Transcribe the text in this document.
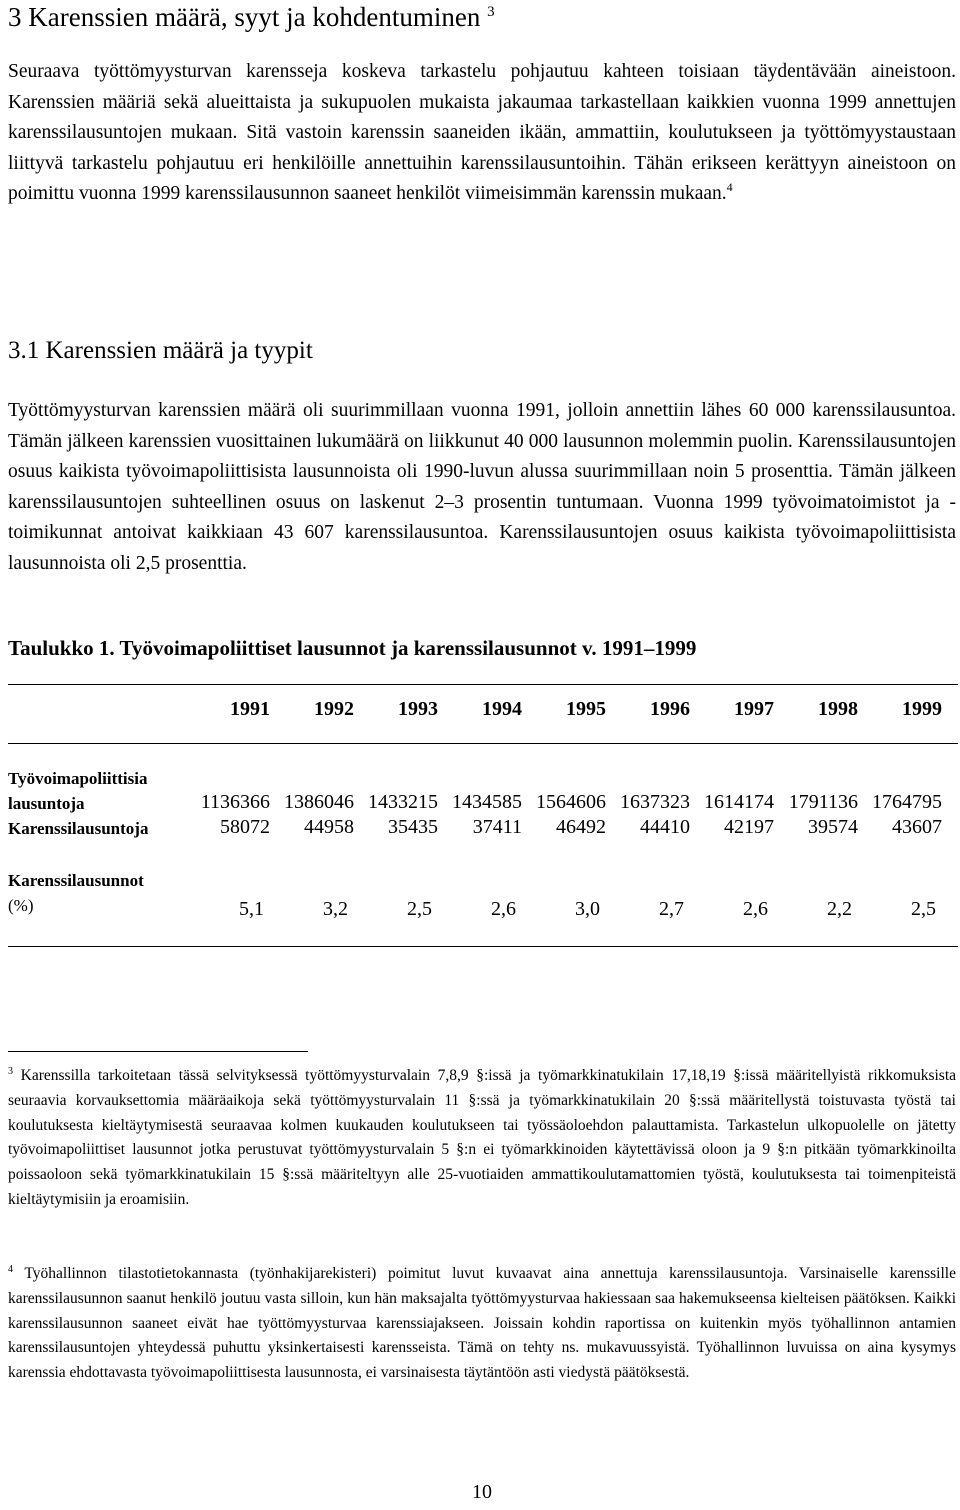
3 Karenssien määrä, syyt ja kohdentuminen $^3$

Seuraava työttömyysturvan karensseja koskeva tarkastelu pohjautuu kahteen toisiaan täydentävään aineistoon. Karenssien määriä sekä alueittaista ja sukupuolen mukaista jakaumaa tarkastellaan kaikkien vuonna 1999 annettujen karenssilausuntojen mukaan. Sitä vastoin karenssin saaneiden ikään, ammattiin, koulutukseen ja työttömyystaustaan liittyvä tarkastelu pohjautuu eri henkilöille annettuihin karenssilausuntoihin. Tähän erikseen kerättyyn aineistoon on poimittu vuonna 1999 karenssilausunnon saaneet henkilöt viimeisimmän karenssin mukaan.$^4$

3.1 Karenssien määrä ja tyypit

Työttömyysturvan karenssien määrä oli suurimmillaan vuonna 1991, jolloin annettiin lähes 60 000 karenssilausuntoa. Tämän jälkeen karenssien vuosittainen lukumäärä on liikkunut 40 000 lausunnon molemmin puolin. Karenssilausuntojen osuus kaikista työvoimapoliittisista lausunnoista oli 1990-luvun alussa suurimmillaan noin 5 prosenttia. Tämän jälkeen karenssilausuntojen suhteellinen osuus on laskenut 2–3 prosentin tuntumaan. Vuonna 1999 työvoimatoimistot ja -toimikunnat antoivat kaikkiaan 43 607 karenssilausuntoa. Karenssilausuntojen osuus kaikista työvoimapoliittisista lausunnoista oli 2,5 prosenttia.

Taulukko 1. Työvoimapoliittiset lausunnot ja karenssilausunnot v. 1991–1999
1991	1992	1993	1994	1995	1996	1997	1998	1999
Työvoimapoliittisia
lausuntoja	1136366 1386046 1433215 1434585 1564606 1637323 1614174 1791136 1764795
Karenssilausuntoja	58072	44958	35435	37411	46492	44410	42197	39574	43607
Karenssilausunnot
(%)	5,1	3,2	2,5	2,6	3,0	2,7	2,6	2,2	2,5

$^3$ Karenssilla tarkoitetaan tässä selvityksessä työttömyysturvalain 7,8,9 §:issä ja työmarkkinatukilain 17,18,19 §:issä määritellyistä rikkomuksista seuraavia korvauksettomia määräaikoja sekä työttömyysturvalain 11 §:ssä ja työmarkkinatukilain 20 §:ssä määritellystä toistuvasta työstä tai koulutuksesta kieltäytymisestä seuraavaa kolmen kuukauden koulutukseen tai työssäoloehdon palauttamista. Tarkastelun ulkopuolelle on jätetty työvoimapoliittiset lausunnot jotka perustuvat työttömyysturvalain 5 §:n ei työmarkkinoiden käytettävissä oloon ja 9 §:n pitkään työmarkkinoilta poissaoloon sekä työmarkkinatukilain 15 §:ssä määriteltyyn alle 25-vuotiaiden ammattikoulutamattomien työstä, koulutuksesta tai toimenpiteistä kieltäytymisiin ja eroamisiin.

$^4$ Työhallinnon tilastotietokannasta (työnhakijarekisteri) poimitut luvut kuvaavat aina annettuja karenssilausuntoja. Varsinaiselle karenssille karenssilausunnon saanut henkilö joutuu vasta silloin, kun hän maksajalta työttömyysturvaa hakiessaan saa hakemukseensa kielteisen päätöksen. Kaikki karenssilausunnon saaneet eivät hae työttömyysturvaa karenssiajakseen. Joissain kohdin raportissa on kuitenkin myös työhallinnon antamien karenssilausuntojen yhteydessä puhuttu yksinkertaisesti karensseista. Tämä on tehty ns. mukavuussyistä. Työhallinnon luvuissa on aina kysymys karenssia ehdottavasta työvoimapoliittisesta lausunnosta, ei varsinaisesta täytäntöön asti viedystä päätöksestä.

10
